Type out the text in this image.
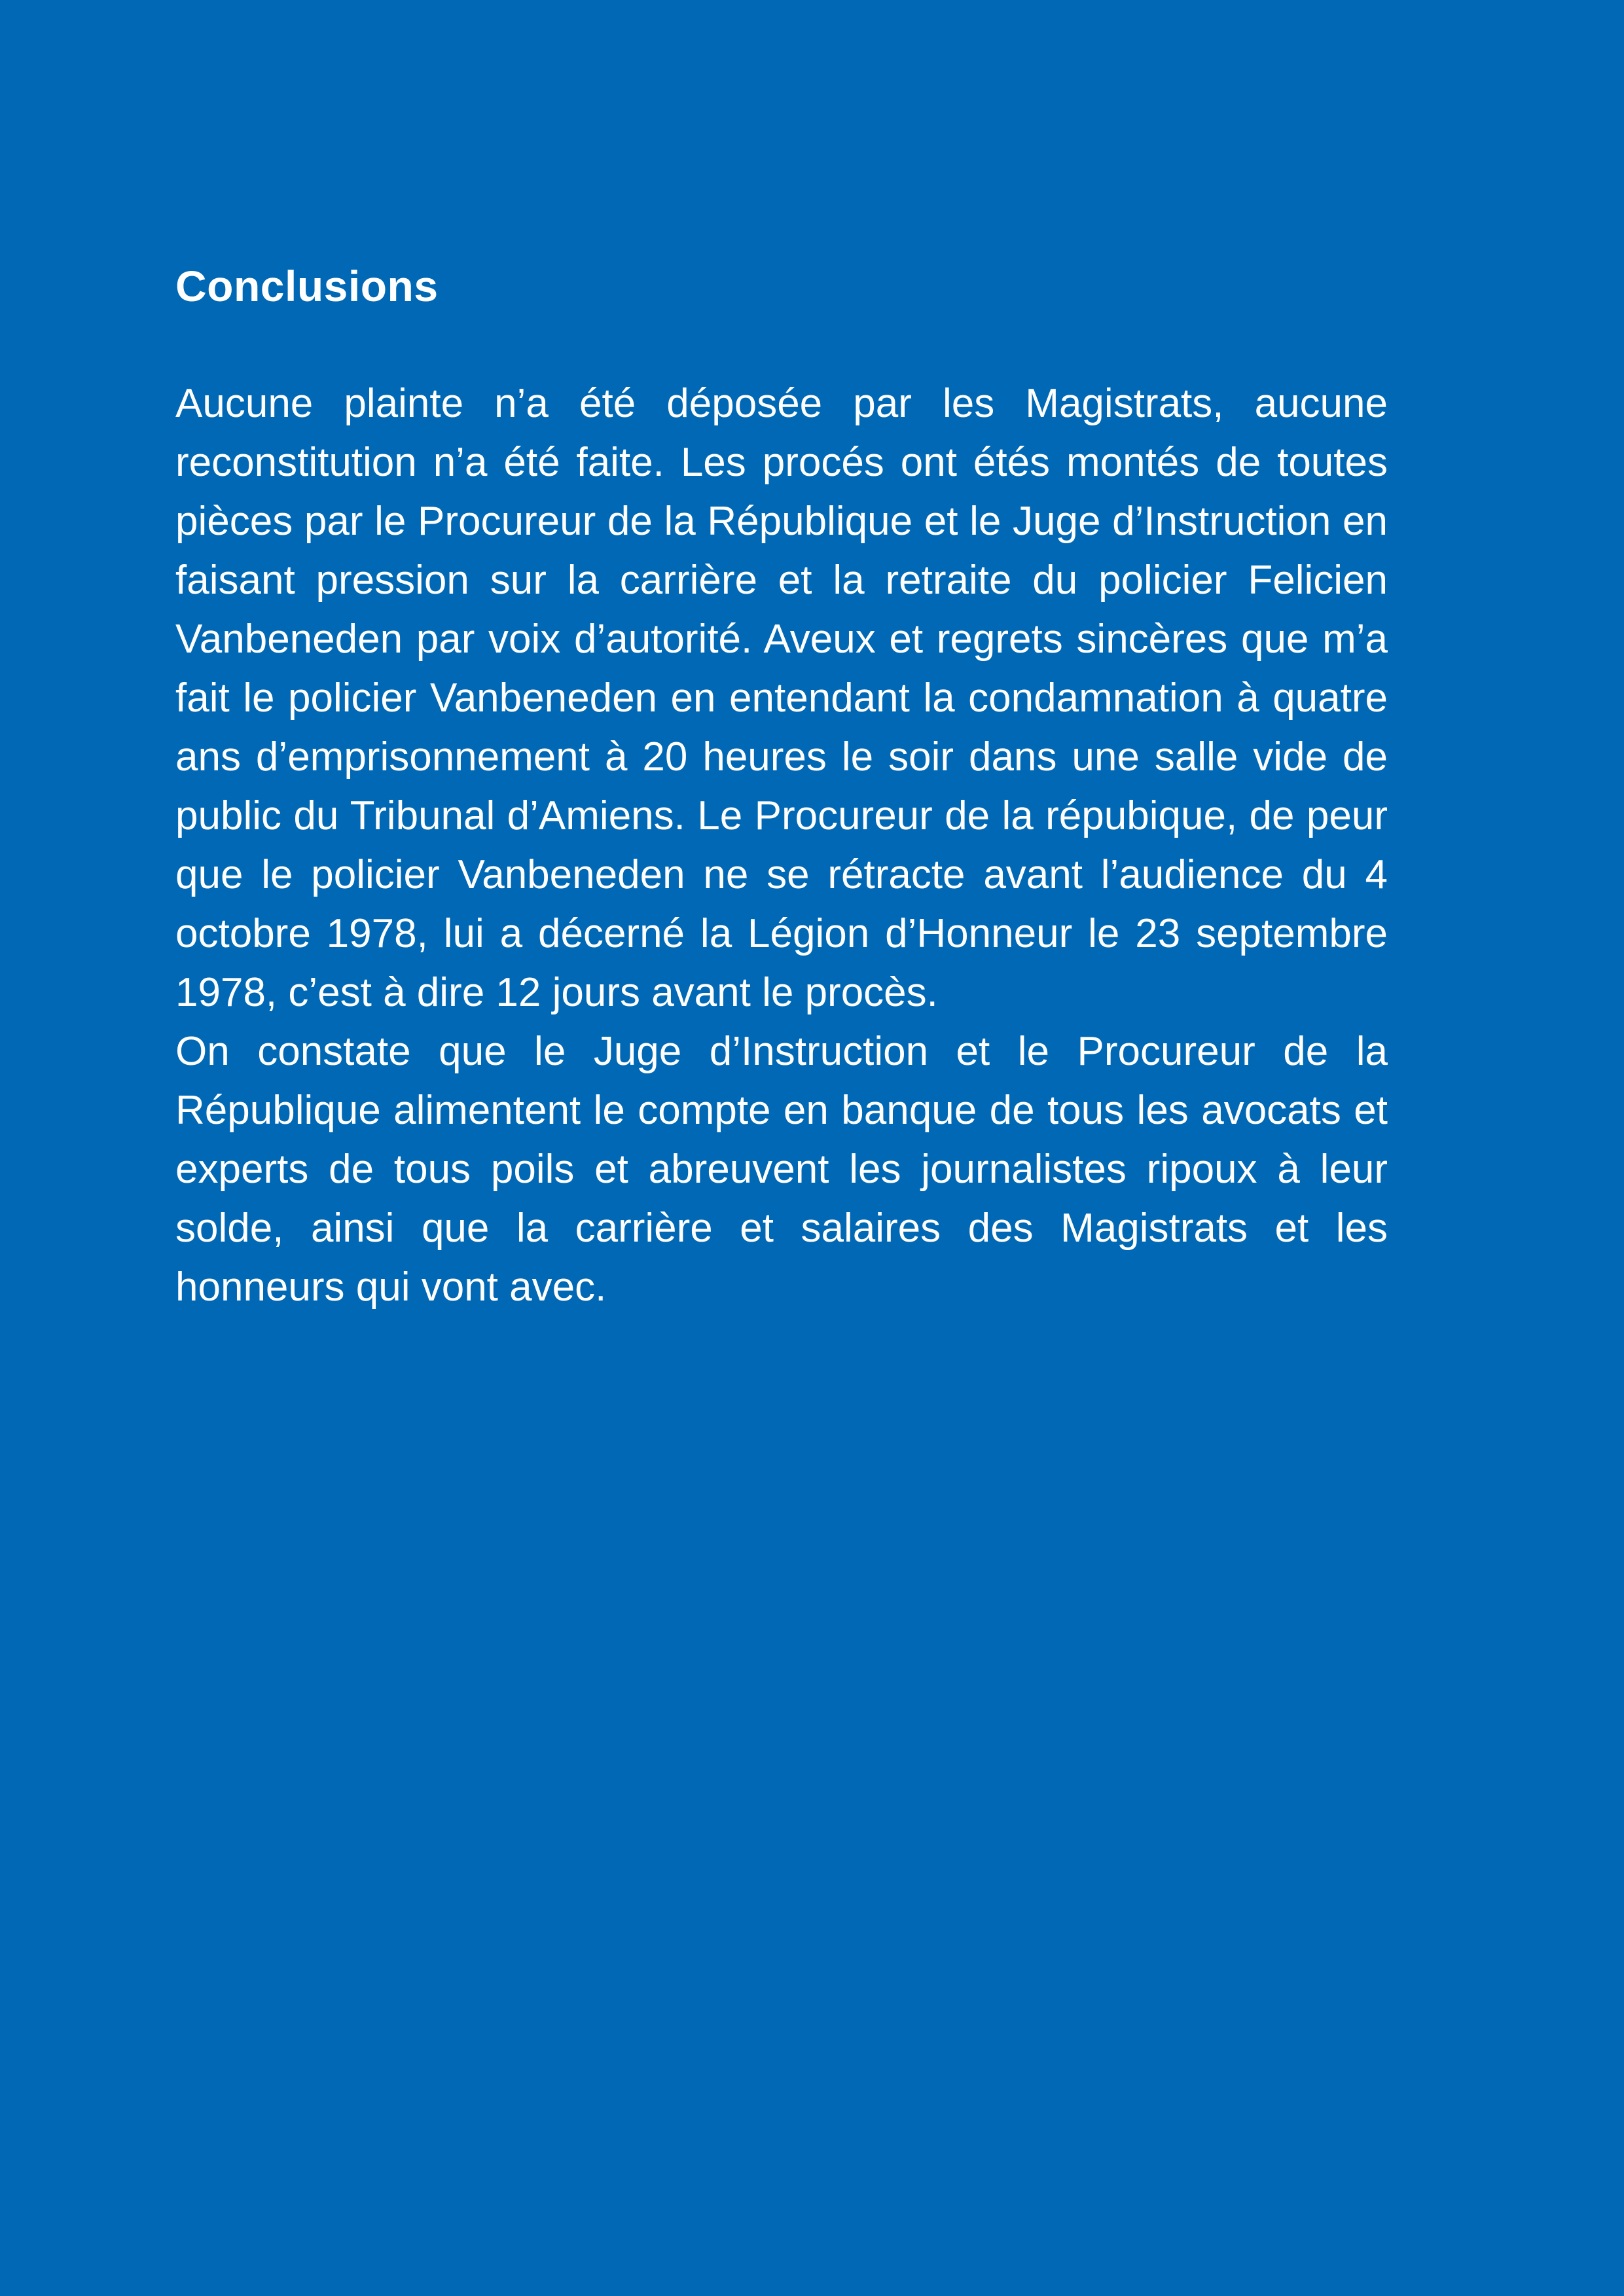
Conclusions

Aucune plainte n’a été déposée par les Magistrats, aucune reconstitution n’a été faite. Les procés ont étés montés de toutes pièces par le Procureur de la République et le Juge d’Instruction en faisant pression sur la carrière et la retraite du policier Felicien Vanbeneden par voix d’autorité. Aveux et regrets sincères que m’a fait le policier Vanbeneden en entendant la condamnation à quatre ans d’emprisonnement à 20 heures le soir dans une salle vide de public du Tribunal d’Amiens. Le Procureur de la répubique, de peur que le policier Vanbeneden ne se rétracte avant l’audience du 4 octobre 1978, lui a décerné la Légion d’Honneur le 23 septembre 1978, c’est à dire 12 jours avant le procès.

On constate que le Juge d’Instruction et le Procureur de la République alimentent le compte en banque de tous les avocats et experts de tous poils et abreuvent les journalistes ripoux à leur solde, ainsi que la carrière et salaires des Magistrats et les honneurs qui vont avec.
